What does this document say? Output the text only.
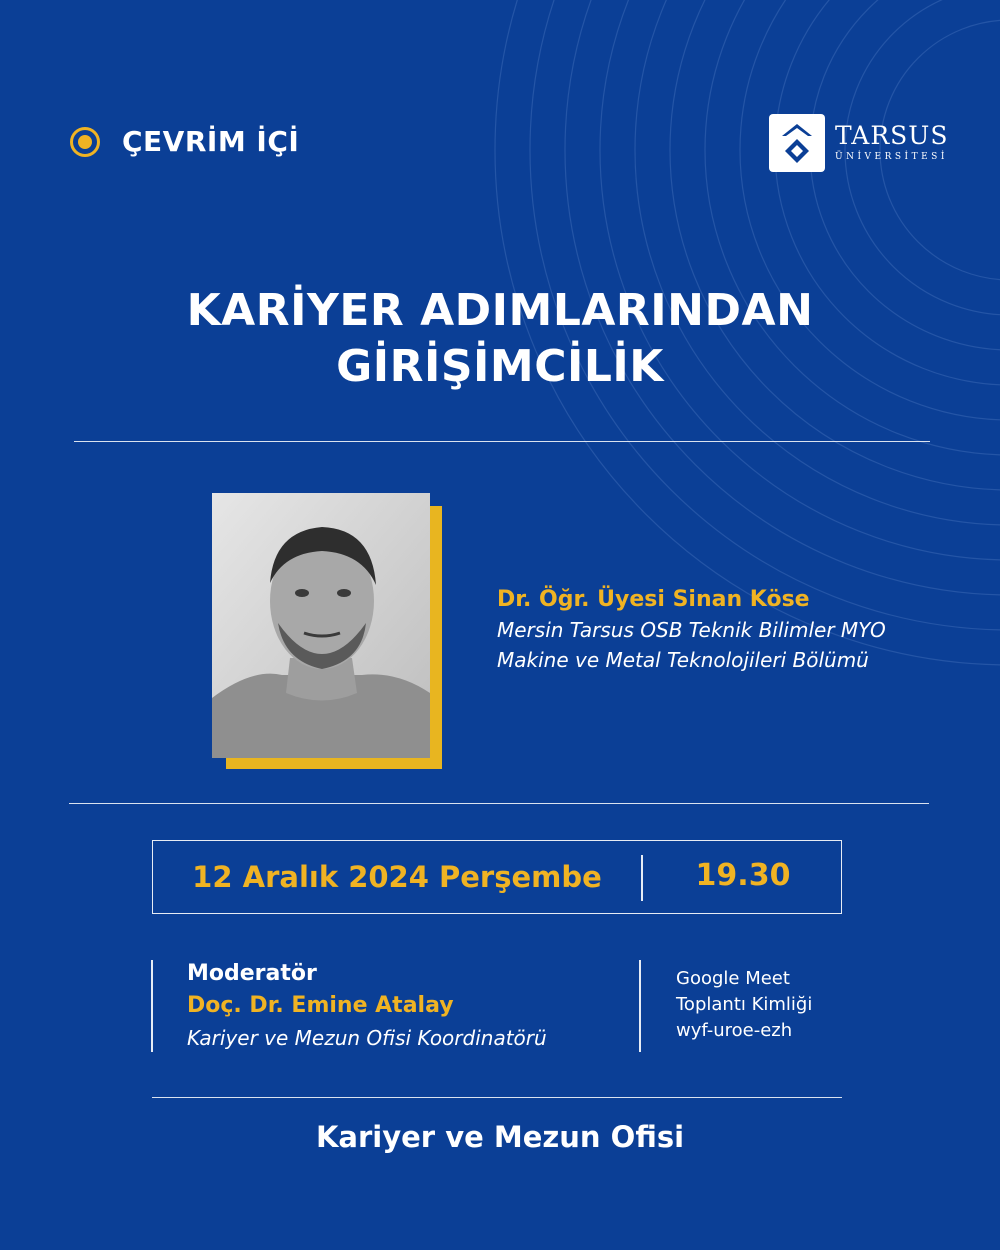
ÇEVRİM İÇİ	TARSUS
ÜNİVERSİTESİ
KARİYER ADIMLARINDAN
GİRİŞİMCİLİK
Dr. Öğr. Üyesi Sinan Köse
Mersin Tarsus OSB Teknik Bilimler MYO
Makine ve Metal Teknolojileri Bölümü
12 Aralık 2024 Perşembe	19.30
Moderatör
Doç. Dr. Emine Atalay
Kariyer ve Mezun Ofisi Koordinatörü
Google Meet
Toplantı Kimliği
wyf-uroe-ezh
Kariyer ve Mezun Ofisi
